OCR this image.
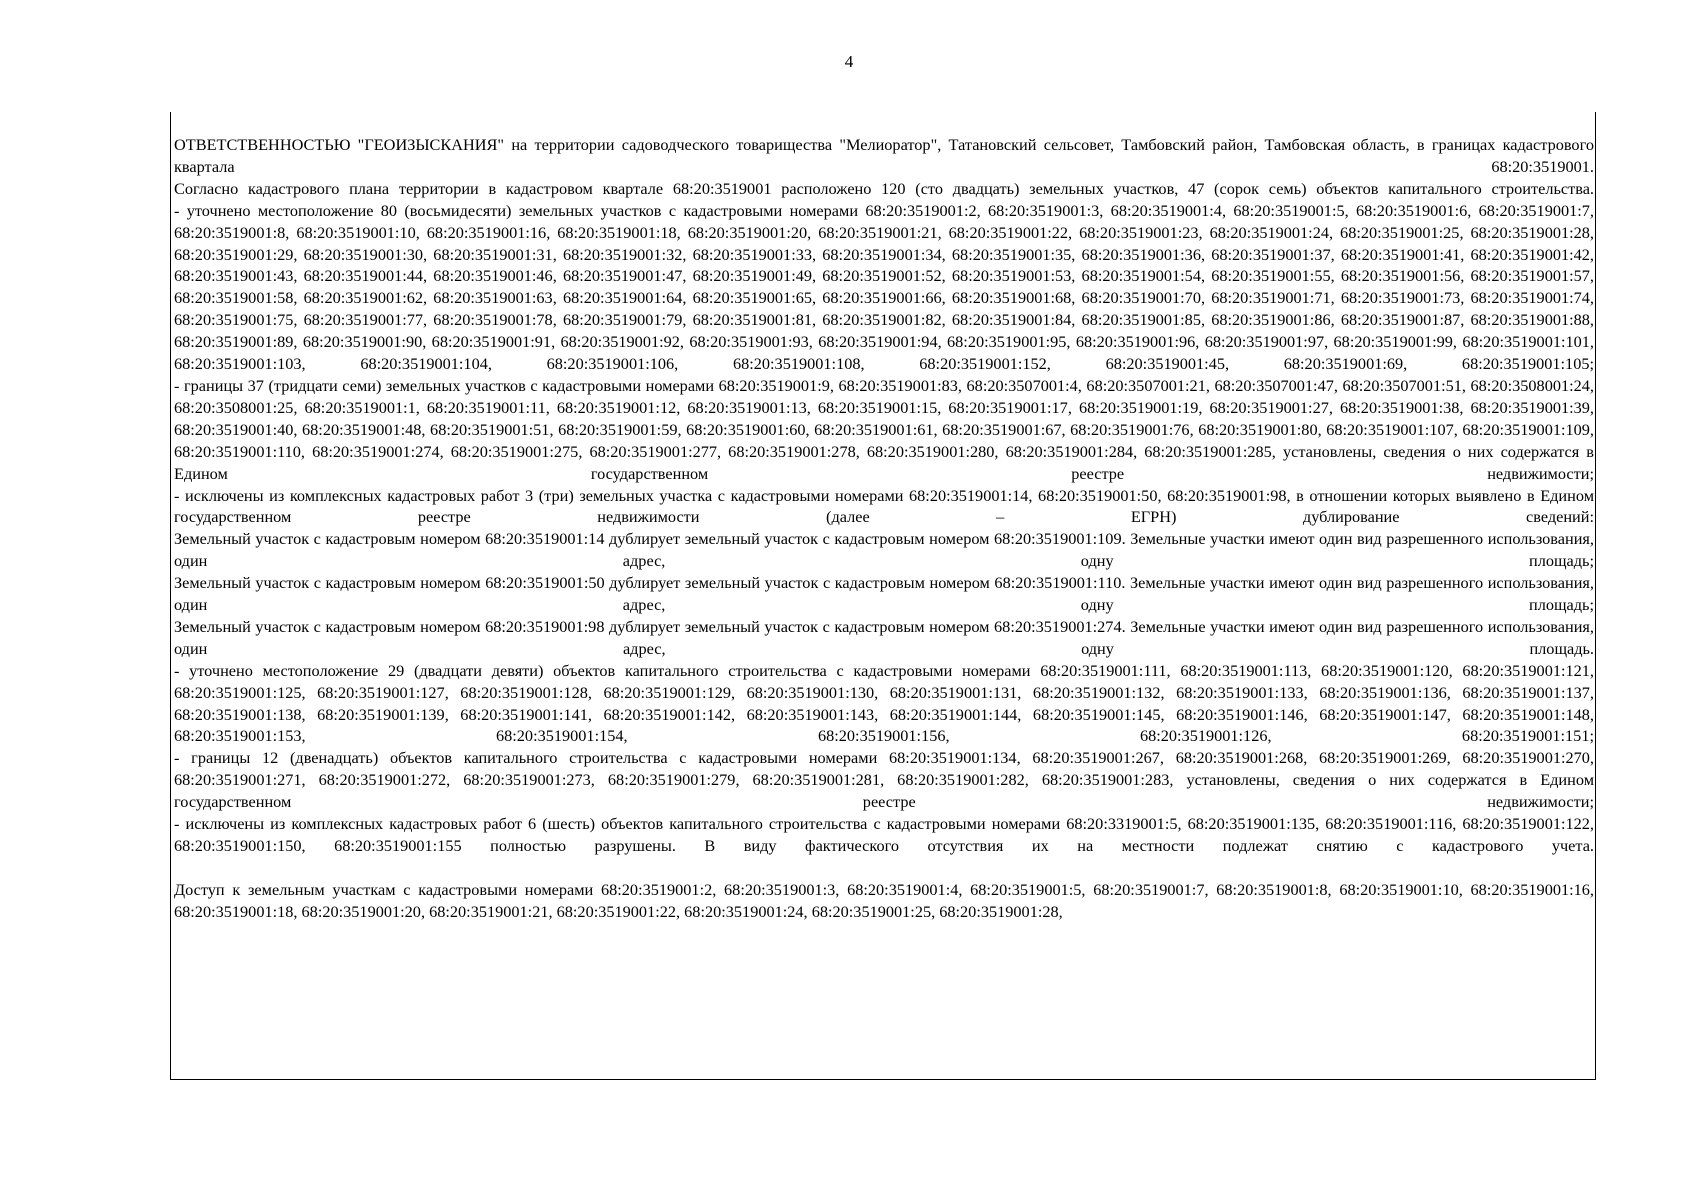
4

ОТВЕТСТВЕННОСТЬЮ "ГЕОИЗЫСКАНИЯ" на территории садоводческого товарищества "Мелиоратор", Татановский сельсовет, Тамбовский район, Тамбовская область, в границах кадастрового квартала 68:20:3519001.

Согласно кадастрового плана территории в кадастровом квартале 68:20:3519001 расположено 120 (сто двадцать) земельных участков, 47 (сорок семь) объектов капитального строительства.

- уточнено местоположение 80 (восьмидесяти) земельных участков с кадастровыми номерами 68:20:3519001:2, 68:20:3519001:3, 68:20:3519001:4, 68:20:3519001:5, 68:20:3519001:6, 68:20:3519001:7, 68:20:3519001:8, 68:20:3519001:10, 68:20:3519001:16, 68:20:3519001:18, 68:20:3519001:20, 68:20:3519001:21, 68:20:3519001:22, 68:20:3519001:23, 68:20:3519001:24, 68:20:3519001:25, 68:20:3519001:28, 68:20:3519001:29, 68:20:3519001:30, 68:20:3519001:31, 68:20:3519001:32, 68:20:3519001:33, 68:20:3519001:34, 68:20:3519001:35, 68:20:3519001:36, 68:20:3519001:37, 68:20:3519001:41, 68:20:3519001:42, 68:20:3519001:43, 68:20:3519001:44, 68:20:3519001:46, 68:20:3519001:47, 68:20:3519001:49, 68:20:3519001:52, 68:20:3519001:53, 68:20:3519001:54, 68:20:3519001:55, 68:20:3519001:56, 68:20:3519001:57, 68:20:3519001:58, 68:20:3519001:62, 68:20:3519001:63, 68:20:3519001:64, 68:20:3519001:65, 68:20:3519001:66, 68:20:3519001:68, 68:20:3519001:70, 68:20:3519001:71, 68:20:3519001:73, 68:20:3519001:74, 68:20:3519001:75, 68:20:3519001:77, 68:20:3519001:78, 68:20:3519001:79, 68:20:3519001:81, 68:20:3519001:82, 68:20:3519001:84, 68:20:3519001:85, 68:20:3519001:86, 68:20:3519001:87, 68:20:3519001:88, 68:20:3519001:89, 68:20:3519001:90, 68:20:3519001:91, 68:20:3519001:92, 68:20:3519001:93, 68:20:3519001:94, 68:20:3519001:95, 68:20:3519001:96, 68:20:3519001:97, 68:20:3519001:99, 68:20:3519001:101, 68:20:3519001:103, 68:20:3519001:104, 68:20:3519001:106, 68:20:3519001:108, 68:20:3519001:152, 68:20:3519001:45, 68:20:3519001:69, 68:20:3519001:105;

- границы 37 (тридцати семи) земельных участков с кадастровыми номерами 68:20:3519001:9, 68:20:3519001:83, 68:20:3507001:4, 68:20:3507001:21, 68:20:3507001:47, 68:20:3507001:51, 68:20:3508001:24, 68:20:3508001:25, 68:20:3519001:1, 68:20:3519001:11, 68:20:3519001:12, 68:20:3519001:13, 68:20:3519001:15, 68:20:3519001:17, 68:20:3519001:19, 68:20:3519001:27, 68:20:3519001:38, 68:20:3519001:39, 68:20:3519001:40, 68:20:3519001:48, 68:20:3519001:51, 68:20:3519001:59, 68:20:3519001:60, 68:20:3519001:61, 68:20:3519001:67, 68:20:3519001:76, 68:20:3519001:80, 68:20:3519001:107, 68:20:3519001:109, 68:20:3519001:110, 68:20:3519001:274, 68:20:3519001:275, 68:20:3519001:277, 68:20:3519001:278, 68:20:3519001:280, 68:20:3519001:284, 68:20:3519001:285, установлены, сведения о них содержатся в Едином государственном реестре недвижимости;

- исключены из комплексных кадастровых работ 3 (три) земельных участка с кадастровыми номерами 68:20:3519001:14, 68:20:3519001:50, 68:20:3519001:98, в отношении которых выявлено в Едином государственном реестре недвижимости (далее – ЕГРН) дублирование сведений:

Земельный участок с кадастровым номером 68:20:3519001:14 дублирует земельный участок с кадастровым номером 68:20:3519001:109. Земельные участки имеют один вид разрешенного использования, один адрес, одну площадь;

Земельный участок с кадастровым номером 68:20:3519001:50 дублирует земельный участок с кадастровым номером 68:20:3519001:110. Земельные участки имеют один вид разрешенного использования, один адрес, одну площадь;

Земельный участок с кадастровым номером 68:20:3519001:98 дублирует земельный участок с кадастровым номером 68:20:3519001:274. Земельные участки имеют один вид разрешенного использования, один адрес, одну площадь.

- уточнено местоположение 29 (двадцати девяти) объектов капитального строительства с кадастровыми номерами 68:20:3519001:111, 68:20:3519001:113, 68:20:3519001:120, 68:20:3519001:121, 68:20:3519001:125, 68:20:3519001:127, 68:20:3519001:128, 68:20:3519001:129, 68:20:3519001:130, 68:20:3519001:131, 68:20:3519001:132, 68:20:3519001:133, 68:20:3519001:136, 68:20:3519001:137, 68:20:3519001:138, 68:20:3519001:139, 68:20:3519001:141, 68:20:3519001:142, 68:20:3519001:143, 68:20:3519001:144, 68:20:3519001:145, 68:20:3519001:146, 68:20:3519001:147, 68:20:3519001:148, 68:20:3519001:153, 68:20:3519001:154, 68:20:3519001:156, 68:20:3519001:126, 68:20:3519001:151;

- границы 12 (двенадцать) объектов капитального строительства с кадастровыми номерами 68:20:3519001:134, 68:20:3519001:267, 68:20:3519001:268, 68:20:3519001:269, 68:20:3519001:270, 68:20:3519001:271, 68:20:3519001:272, 68:20:3519001:273, 68:20:3519001:279, 68:20:3519001:281, 68:20:3519001:282, 68:20:3519001:283, установлены, сведения о них содержатся в Едином государственном реестре недвижимости;

- исключены из комплексных кадастровых работ 6 (шесть) объектов капитального строительства с кадастровыми номерами 68:20:3319001:5, 68:20:3519001:135, 68:20:3519001:116, 68:20:3519001:122, 68:20:3519001:150, 68:20:3519001:155 полностью разрушены. В виду фактического отсутствия их на местности подлежат снятию с кадастрового учета.

Доступ к земельным участкам с кадастровыми номерами 68:20:3519001:2, 68:20:3519001:3, 68:20:3519001:4, 68:20:3519001:5, 68:20:3519001:7, 68:20:3519001:8, 68:20:3519001:10, 68:20:3519001:16, 68:20:3519001:18, 68:20:3519001:20, 68:20:3519001:21, 68:20:3519001:22, 68:20:3519001:24, 68:20:3519001:25, 68:20:3519001:28,
